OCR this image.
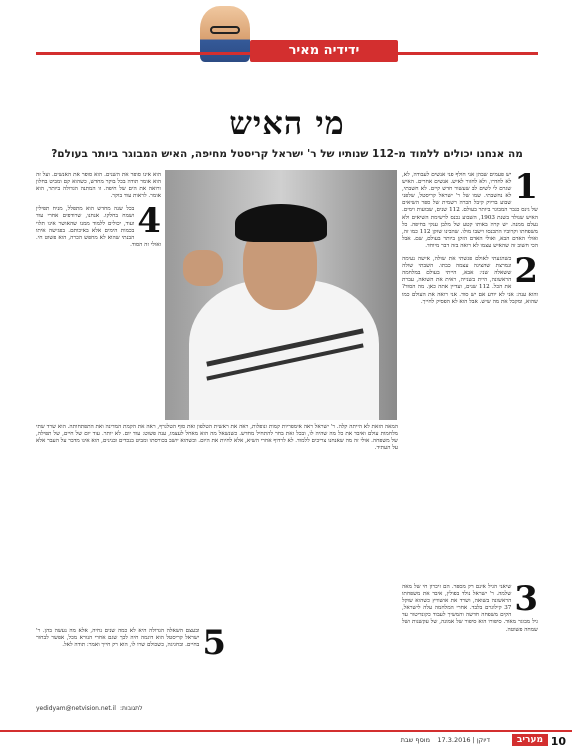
ידידיה מאיר
מי האיש
מה אנחנו יכולים ללמוד מ-112 שנותיו של ר' ישראל קריסטל מחיפה, האיש המבוגר ביותר בעולם?

1
יש פעמים שבהן אני חולף פני אנשים לעבודה, לא, לא לחדרו, ולא לחזור לאיש. אנשים אחרים. האיש שגרם לי לשים לב שעשור חדש קיים. לא חשבתי, לא נחשבתי. שמו של ר' ישראל קריסטל, שלפני שבוע בדיוק קיבל הכרה רשמית של ספר השיאים של גינס כגבר המבוגר ביותר בעולם. 112 שנים, שבועות וימים. האיש שנולד בשנת 1903, השבוע נכנס לרשימת השיאים ולא נעלם ממנה. יש קרה באותו קטע של מלבן ענקי בחיפה. כל משפחתו וקרוביו התכנסו וישבו מולו. שהבינו שזקן 112 כמו זה, ואולי האדם הבא, ואולי האדם הזקן ביותר בעולם, שם. אבל הכי חשוב זה שהאיש עצמו לא רואה בזה דבר מיוחד.

2
כשהגעתי לאולם פגשתי את שולה, אישה נעימה ונמרצת שהציגה עצמה כבתו. השבתי שולה ששאלה שני: אבא, הייתי בעולם במלחמה הראשונה, היית בשנייה, ראית את השואה, עברת את הכל. 112 שנים, ועדיין אתה כאן. מה הסוד? והוא ענה: אני לא יודע אם יש סוד. אני רואה את העולם כמו שהוא, ומקבל את מה שיש. אבל הוא לא הפסיק לחייך.

הוא אינו סופר את השנים. הוא סופר את האנשים. ועל זה הוא אומר תודה בכל בוקר מחדש, כשהוא קם ומביט בחלון ורואה את הים של חיפה. זו המתנה הגדולה ביותר, הוא אומר. לראות עוד בוקר.

4
בכל שנה מחדש הוא מתפלל, מניח תפילין ושמח בחלקו. אנחנו, שרודפים אחרי עוד ועוד, יכולים ללמוד ממנו שהאושר אינו תלוי בכמות הימים אלא באיכותם. בפגישה איתו הבנתי שהוא לא מחפש הכרה, הוא פשוט חי. ואולי זה הסוד.

המאה הזאת לא הייתה קלה. ר' ישראל ראה אימפריות קמות ונופלות, ראה את ראשית הטלפון ואת סוף הטלגרף, ראה את הקמת המדינה ואת התפתחותה. הוא שרד שתי מלחמות עולם ואיבד את כל מה שהיה לו, ובכל זאת בחר להתחיל מחדש. כשנשאל מה הוא מאחל לעצמו, ענה פשוט: עוד יום. לא יותר. עוד יום של חיים, של תפילה, של משפחה. אולי זה מה שאנחנו צריכים ללמוד. לא לרדוף אחרי השיא, אלא לחיות את היום. וכשהוא יושב בכורסתו ומביט בנכדים ובנינים, הוא אינו מדבר על העבר אלא על העתיד.

3
שיאני הגיל אינם רק מספר. הם זיכרון חי של מאה שלמה. ר' ישראל נולד בפולין, איבד את משפחתו הראשונה בשואה, ושרד את אושוויץ כשהוא שוקל 37 קילוגרם בלבד. אחרי המלחמה עלה לישראל, הקים משפחה חדשה והמשיך לעבוד כקונדיטור עד גיל מבוגר מאוד. סיפורו הוא סיפור של אמונה, של עקשנות ושל שמחה פשוטה.

5
ובעצם השאלה הגדולה היא לא כמה שנים נחיה, אלא מה נעשה בהן. ר' ישראל קריסטל הוא דוגמה חיה לכך שגם אחרי הנורא מכל, אפשר לבחור בחיים. ובחגיגה, כשכולם שרו לו, הוא רק חייך ואמר: תודה לאל.

לתגובות:
yedidyam@netvision.net.il
10
מעריב
דיוקן | 17.3.2016
מוסף שבת
